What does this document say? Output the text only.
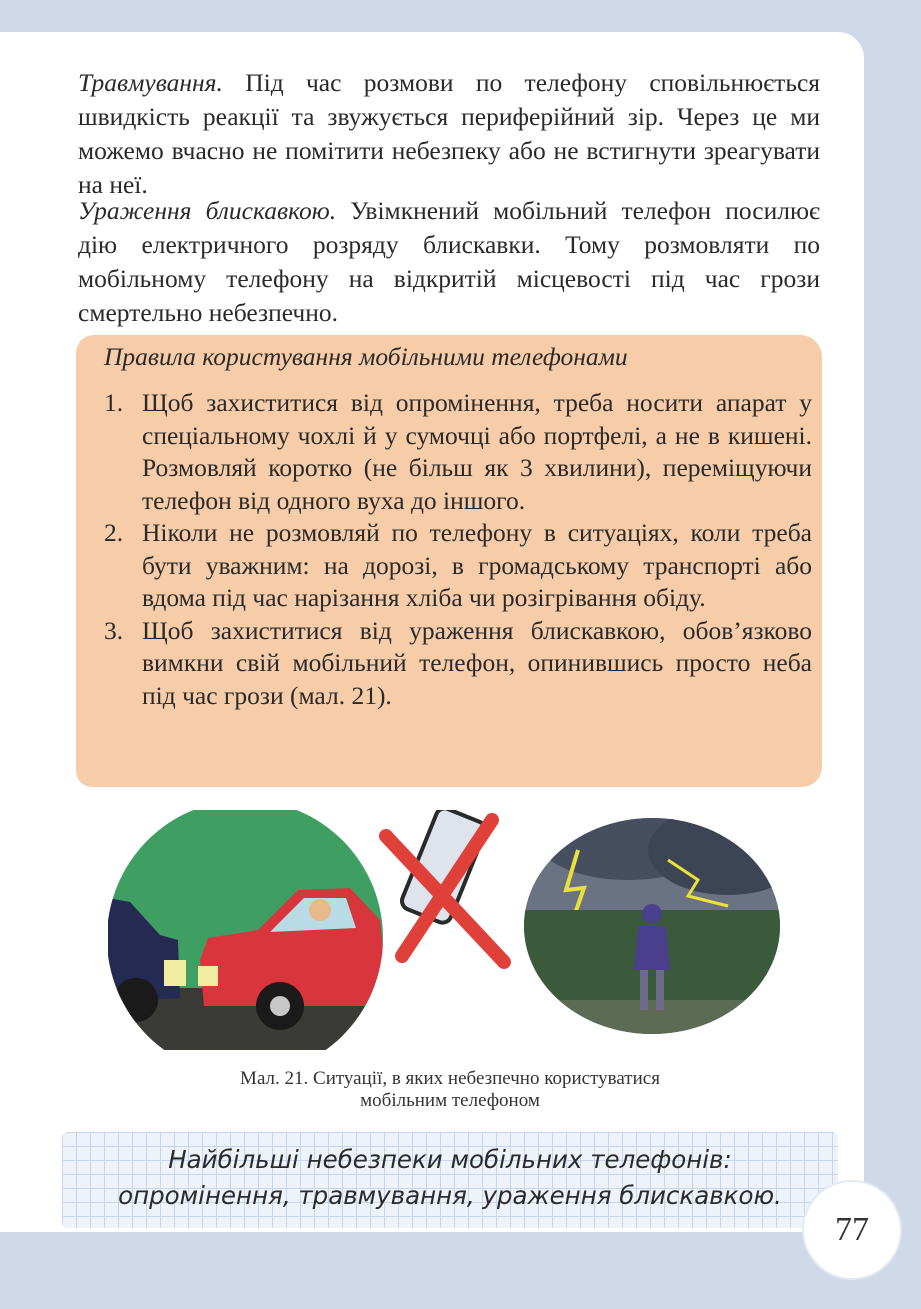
Травмування. Під час розмови по телефону сповільнюється швидкість реакції та звужується периферійний зір. Через це ми можемо вчасно не помітити небезпеку або не встигнути зреагувати на неї.

Ураження блискавкою. Увімкнений мобільний телефон посилює дію електричного розряду блискавки. Тому розмовляти по мобільному телефону на відкритій місцевості під час грози смертельно небезпечно.

Правила користування мобільними телефонами

1. Щоб захиститися від опромінення, треба носити апарат у спеціальному чохлі й у сумочці або портфелі, а не в кишені. Розмовляй коротко (не більш як 3 хвилини), переміщуючи телефон від одного вуха до іншого.
2. Ніколи не розмовляй по телефону в ситуаціях, коли треба бути уважним: на дорозі, в громадському транспорті або вдома під час нарізання хліба чи розігрівання обіду.
3. Щоб захиститися від ураження блискавкою, обов’язково вимкни свій мобільний телефон, опинившись просто неба під час грози (мал. 21).
Мал. 21. Ситуації, в яких небезпечно користуватися
мобільним телефоном
Найбільші небезпеки мобільних телефонів:
опромінення, травмування, ураження блискавкою.
77
